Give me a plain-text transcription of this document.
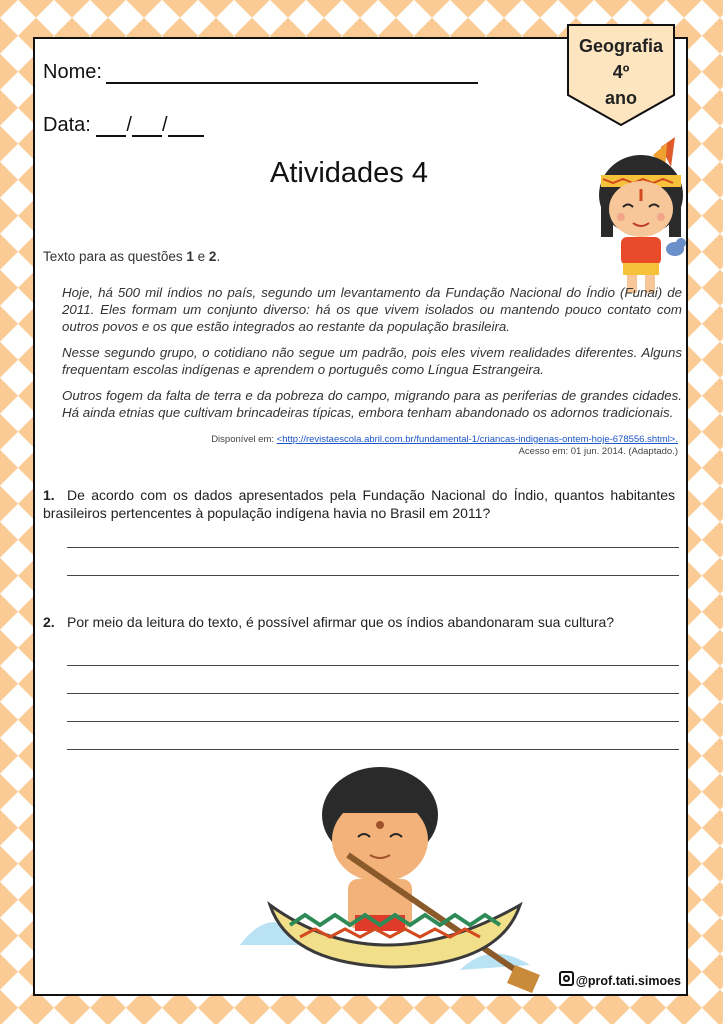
Nome:
Data: / /
Atividades 4
Geografia
4º
ano
Texto para as questões 1 e 2.

Hoje, há 500 mil índios no país, segundo um levantamento da Fundação Nacional do Índio (Funai) de 2011. Eles formam um conjunto diverso: há os que vivem isolados ou mantendo pouco contato com outros povos e os que estão integrados ao restante da população brasileira.

Nesse segundo grupo, o cotidiano não segue um padrão, pois eles vivem realidades diferentes. Alguns frequentam escolas indígenas e aprendem o português como Língua Estrangeira.

Outros fogem da falta de terra e da pobreza do campo, migrando para as periferias de grandes cidades. Há ainda etnias que cultivam brincadeiras típicas, embora tenham abandonado os adornos tradicionais.

Disponível em: <http://revistaescola.abril.com.br/fundamental-1/criancas-indigenas-ontem-hoje-678556.shtml>.
Acesso em: 01 jun. 2014. (Adaptado.)
1. De acordo com os dados apresentados pela Fundação Nacional do Índio, quantos habitantes brasileiros pertencentes à população indígena havia no Brasil em 2011?
2. Por meio da leitura do texto, é possível afirmar que os índios abandonaram sua cultura?
@prof.tati.simoes
